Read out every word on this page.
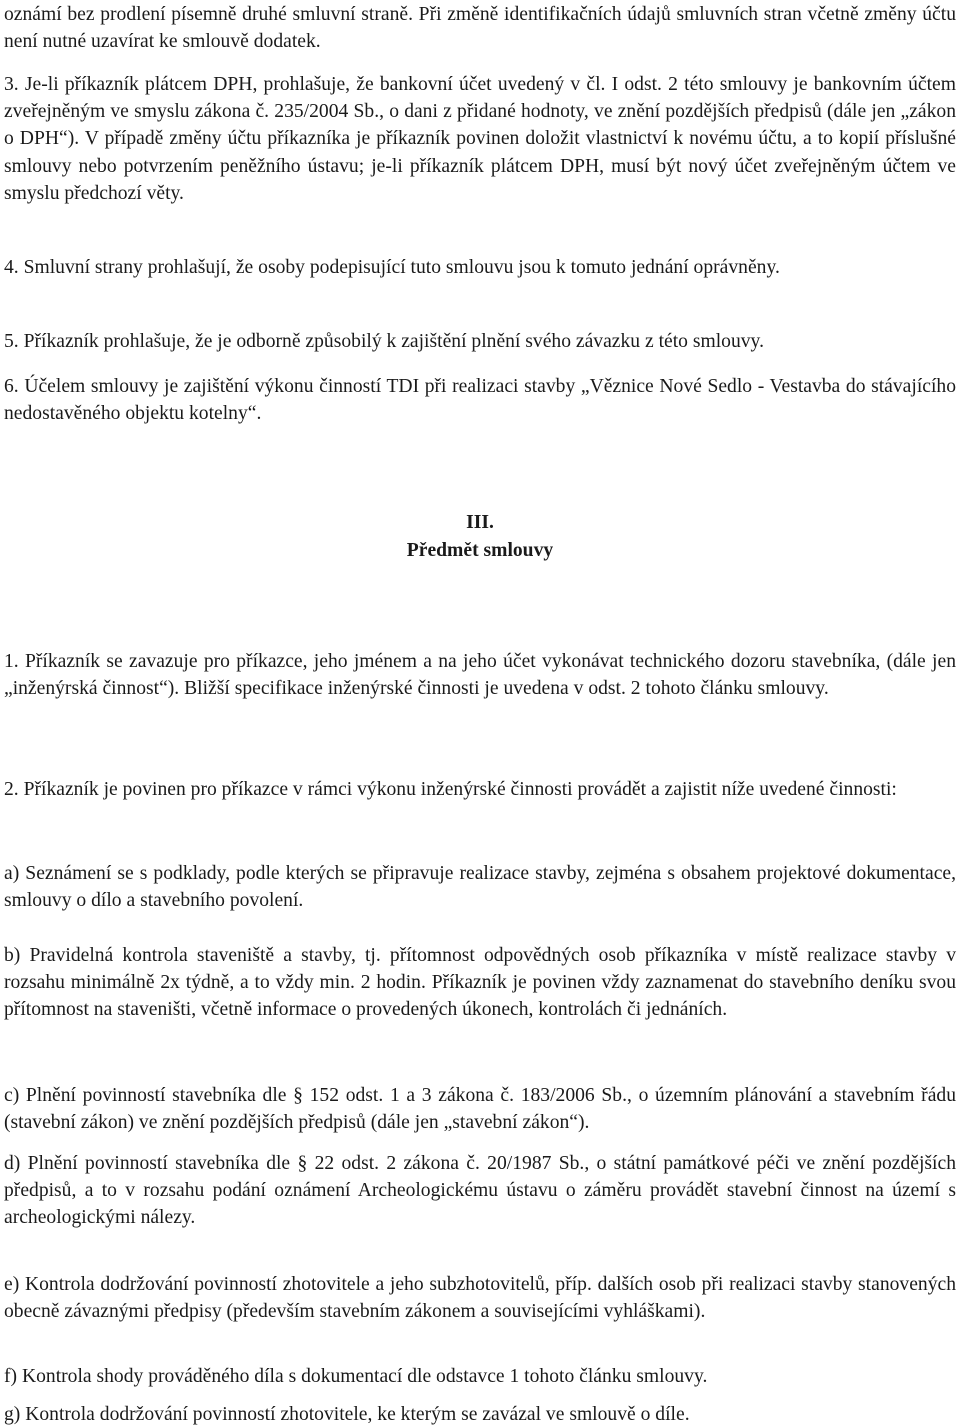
oznámí bez prodlení písemně druhé smluvní straně. Při změně identifikačních údajů smluvních stran včetně změny účtu není nutné uzavírat ke smlouvě dodatek.

3. Je-li příkazník plátcem DPH, prohlašuje, že bankovní účet uvedený v čl. I odst. 2 této smlouvy je bankovním účtem zveřejněným ve smyslu zákona č. 235/2004 Sb., o dani z přidané hodnoty, ve znění pozdějších předpisů (dále jen „zákon o DPH“). V případě změny účtu příkazníka je příkazník povinen doložit vlastnictví k novému účtu, a to kopií příslušné smlouvy nebo potvrzením peněžního ústavu; je-li příkazník plátcem DPH, musí být nový účet zveřejněným účtem ve smyslu předchozí věty.

4. Smluvní strany prohlašují, že osoby podepisující tuto smlouvu jsou k tomuto jednání oprávněny.

5. Příkazník prohlašuje, že je odborně způsobilý k zajištění plnění svého závazku z této smlouvy.

6. Účelem smlouvy je zajištění výkonu činností TDI při realizaci stavby „Věznice Nové Sedlo - Vestavba do stávajícího nedostavěného objektu kotelny“.

III.

Předmět smlouvy

1. Příkazník se zavazuje pro příkazce, jeho jménem a na jeho účet vykonávat technického dozoru stavebníka, (dále jen „inženýrská činnost“). Bližší specifikace inženýrské činnosti je uvedena v odst. 2 tohoto článku smlouvy.

2. Příkazník je povinen pro příkazce v rámci výkonu inženýrské činnosti provádět a zajistit níže uvedené činnosti:

a) Seznámení se s podklady, podle kterých se připravuje realizace stavby, zejména s obsahem projektové dokumentace, smlouvy o dílo a stavebního povolení.

b) Pravidelná kontrola staveniště a stavby, tj. přítomnost odpovědných osob příkazníka v místě realizace stavby v rozsahu minimálně 2x týdně, a to vždy min. 2 hodin. Příkazník je povinen vždy zaznamenat do stavebního deníku svou přítomnost na staveništi, včetně informace o provedených úkonech, kontrolách či jednáních.

c) Plnění povinností stavebníka dle § 152 odst. 1 a 3 zákona č. 183/2006 Sb., o územním plánování a stavebním řádu (stavební zákon) ve znění pozdějších předpisů (dále jen „stavební zákon“).

d) Plnění povinností stavebníka dle § 22 odst. 2 zákona č. 20/1987 Sb., o státní památkové péči ve znění pozdějších předpisů, a to v rozsahu podání oznámení Archeologickému ústavu o záměru provádět stavební činnost na území s archeologickými nálezy.

e) Kontrola dodržování povinností zhotovitele a jeho subzhotovitelů, příp. dalších osob při realizaci stavby stanovených obecně závaznými předpisy (především stavebním zákonem a souvisejícími vyhláškami).

f) Kontrola shody prováděného díla s dokumentací dle odstavce 1 tohoto článku smlouvy.

g) Kontrola dodržování povinností zhotovitele, ke kterým se zavázal ve smlouvě o díle.
